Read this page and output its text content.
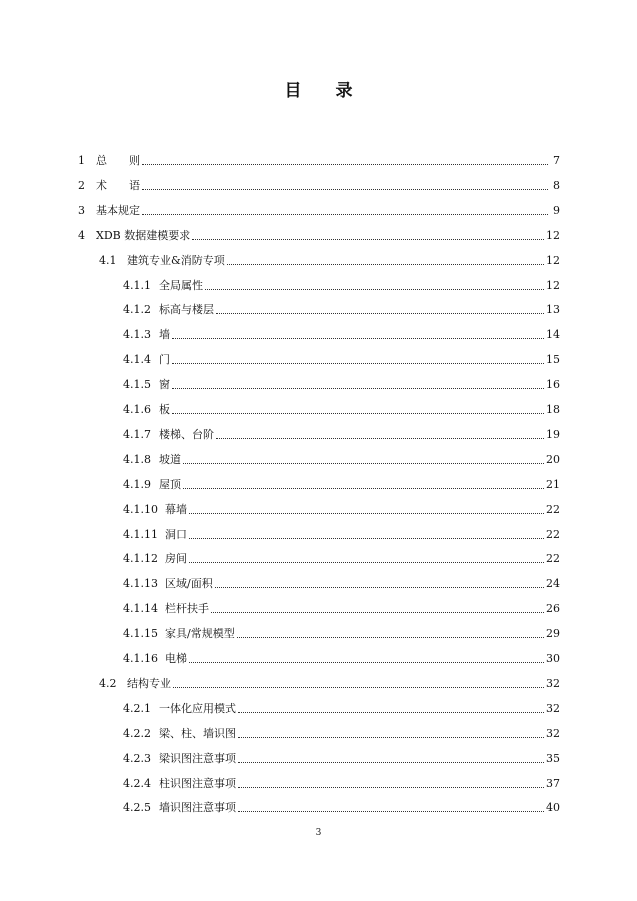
目 录
1	总　　则	7
2	术　　语	8
3	基本规定	9
4	XDB 数据建模要求	12
4.1 建筑专业&消防专项	12
4.1.1 全局属性	12
4.1.2 标高与楼层	13
4.1.3 墙	14
4.1.4 门	15
4.1.5 窗	16
4.1.6 板	18
4.1.7 楼梯、台阶	19
4.1.8 坡道	20
4.1.9 屋顶	21
4.1.10 幕墙	22
4.1.11 洞口	22
4.1.12 房间	22
4.1.13 区域/面积	24
4.1.14 栏杆扶手	26
4.1.15 家具/常规模型	29
4.1.16 电梯	30
4.2 结构专业	32
4.2.1 一体化应用模式	32
4.2.2 梁、柱、墙识图	32
4.2.3 梁识图注意事项	35
4.2.4 柱识图注意事项	37
4.2.5 墙识图注意事项	40
3
